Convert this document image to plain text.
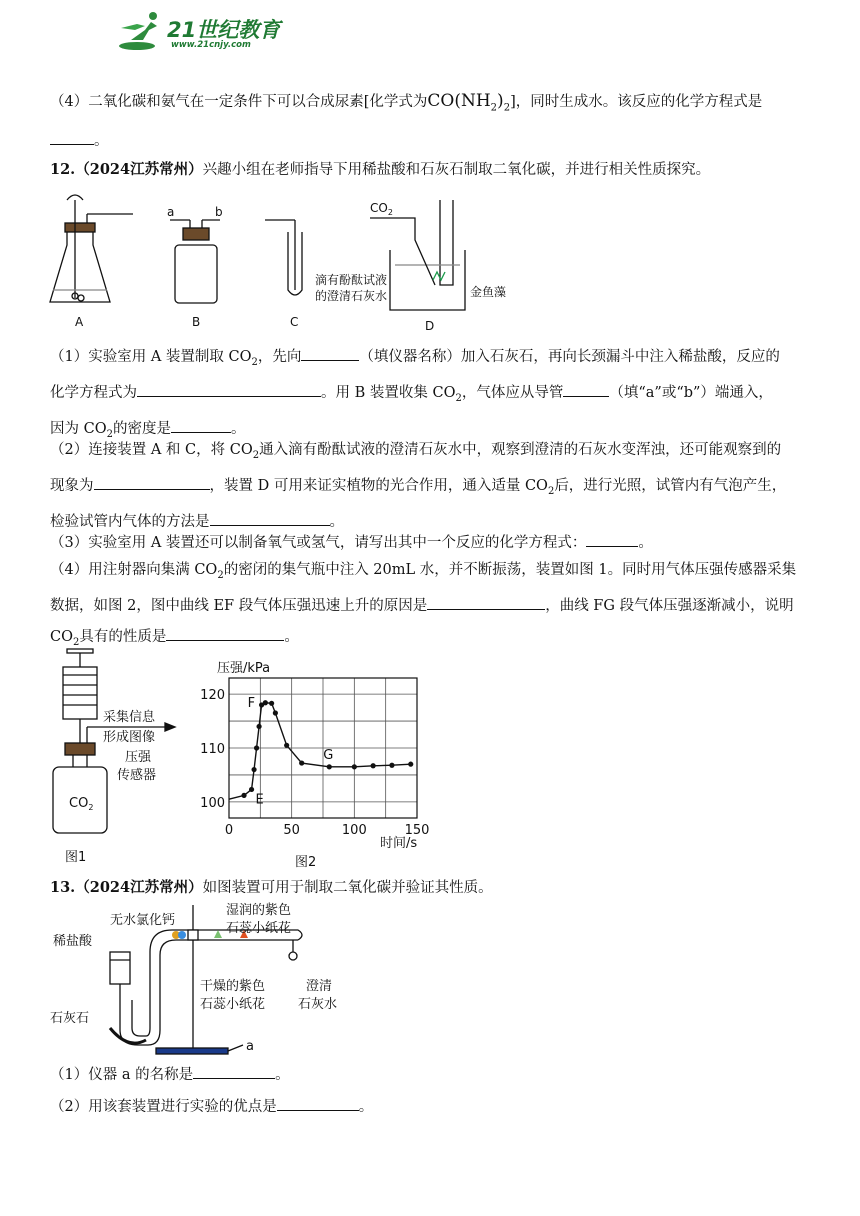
21世纪教育
www.21cnjy.com
（4）二氧化碳和氨气在一定条件下可以合成尿素[化学式为$CO(NH_2)_2$]，同时生成水。该反应的化学方程式是
。
12.（2024江苏常州）兴趣小组在老师指导下用稀盐酸和石灰石制取二氧化碳，并进行相关性质探究。
A	B	C	D
a	b	$CO_2$
滴有酚酞试液
的澄清石灰水	金鱼藻
（1）实验室用 A 装置制取 $CO_2$，先向	（填仪器名称）加入石灰石，再向长颈漏斗中注入稀盐酸，反应的
化学方程式为	。用 B 装置收集 $CO_2$，气体应从导管	（填“a”或“b”）端通入，
因为 $CO_2$的密度是	。
（2）连接装置 A 和 C，将 $CO_2$通入滴有酚酞试液的澄清石灰水中，观察到澄清的石灰水变浑浊，还可能观察到的
现象为	，装置 D 可用来证实植物的光合作用，通入适量 $CO_2$后，进行光照，试管内有气泡产生，
检验试管内气体的方法是	。
（3）实验室用 A 装置还可以制备氧气或氢气，请写出其中一个反应的化学方程式：	。
（4）用注射器向集满 $CO_2$的密闭的集气瓶中注入 20mL 水，并不断振荡，装置如图 1。同时用气体压强传感器采集
数据，如图 2，图中曲线 EF 段气体压强迅速上升的原因是	，曲线 FG 段气体压强逐渐减小，说明
$CO_2$具有的性质是	。
采集信息
形成图像
压强
传感器
$CO_2$
图1
0	50	100	150
100
110
120
E
F
G
压强/kPa
时间/s
图2
13.（2024江苏常州）如图装置可用于制取二氧化碳并验证其性质。
稀盐酸
无水氯化钙
湿润的紫色
石蕊小纸花
干燥的紫色
石蕊小纸花
澄清
石灰水
石灰石
a
（1）仪器 a 的名称是	。
（2）用该套装置进行实验的优点是	。
